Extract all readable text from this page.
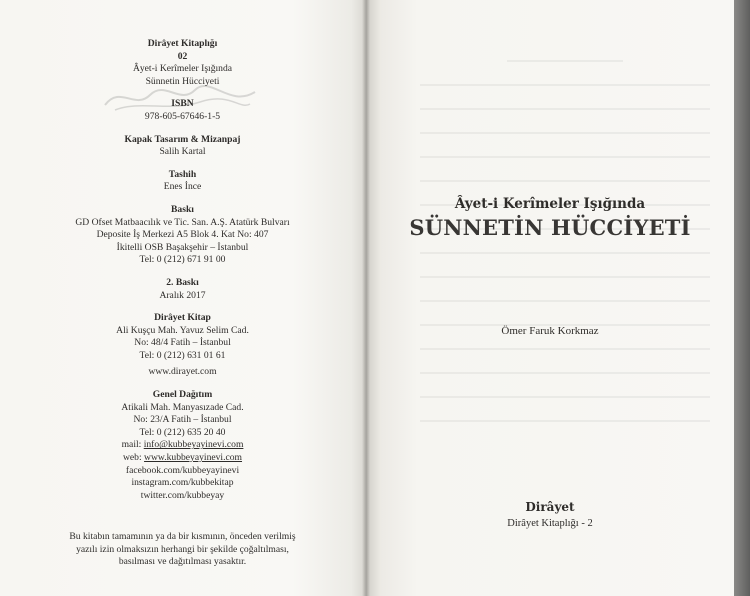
Dirâyet Kitaplığı
02
Âyet-i Kerîmeler Işığında
Sünnetin Hücciyeti
ISBN
978-605-67646-1-5
Kapak Tasarım & Mizanpaj
Salih Kartal
Tashih
Enes İnce
Baskı
GD Ofset Matbaacılık ve Tic. San. A.Ş. Atatürk Bulvarı
Deposite İş Merkezi A5 Blok 4. Kat No: 407
İkitelli OSB Başakşehir – İstanbul
Tel: 0 (212) 671 91 00
2. Baskı
Aralık 2017
Dirâyet Kitap
Ali Kuşçu Mah. Yavuz Selim Cad.
No: 48/4 Fatih – İstanbul
Tel: 0 (212) 631 01 61
www.dirayet.com
Genel Dağıtım
Atikali Mah. Manyasızade Cad.
No: 23/A Fatih – İstanbul
Tel: 0 (212) 635 20 40
mail: info@kubbeyayinevi.com
web: www.kubbeyayinevi.com
facebook.com/kubbeyayinevi
instagram.com/kubbekitap
twitter.com/kubbeyay
Bu kitabın tamamının ya da bir kısmının, önceden verilmiş
yazılı izin olmaksızın herhangi bir şekilde çoğaltılması,
basılması ve dağıtılması yasaktır.
Âyet-i Kerîmeler Işığında
SÜNNETİN HÜCCİYETİ
Ömer Faruk Korkmaz
Dirâyet
Dirâyet Kitaplığı - 2
